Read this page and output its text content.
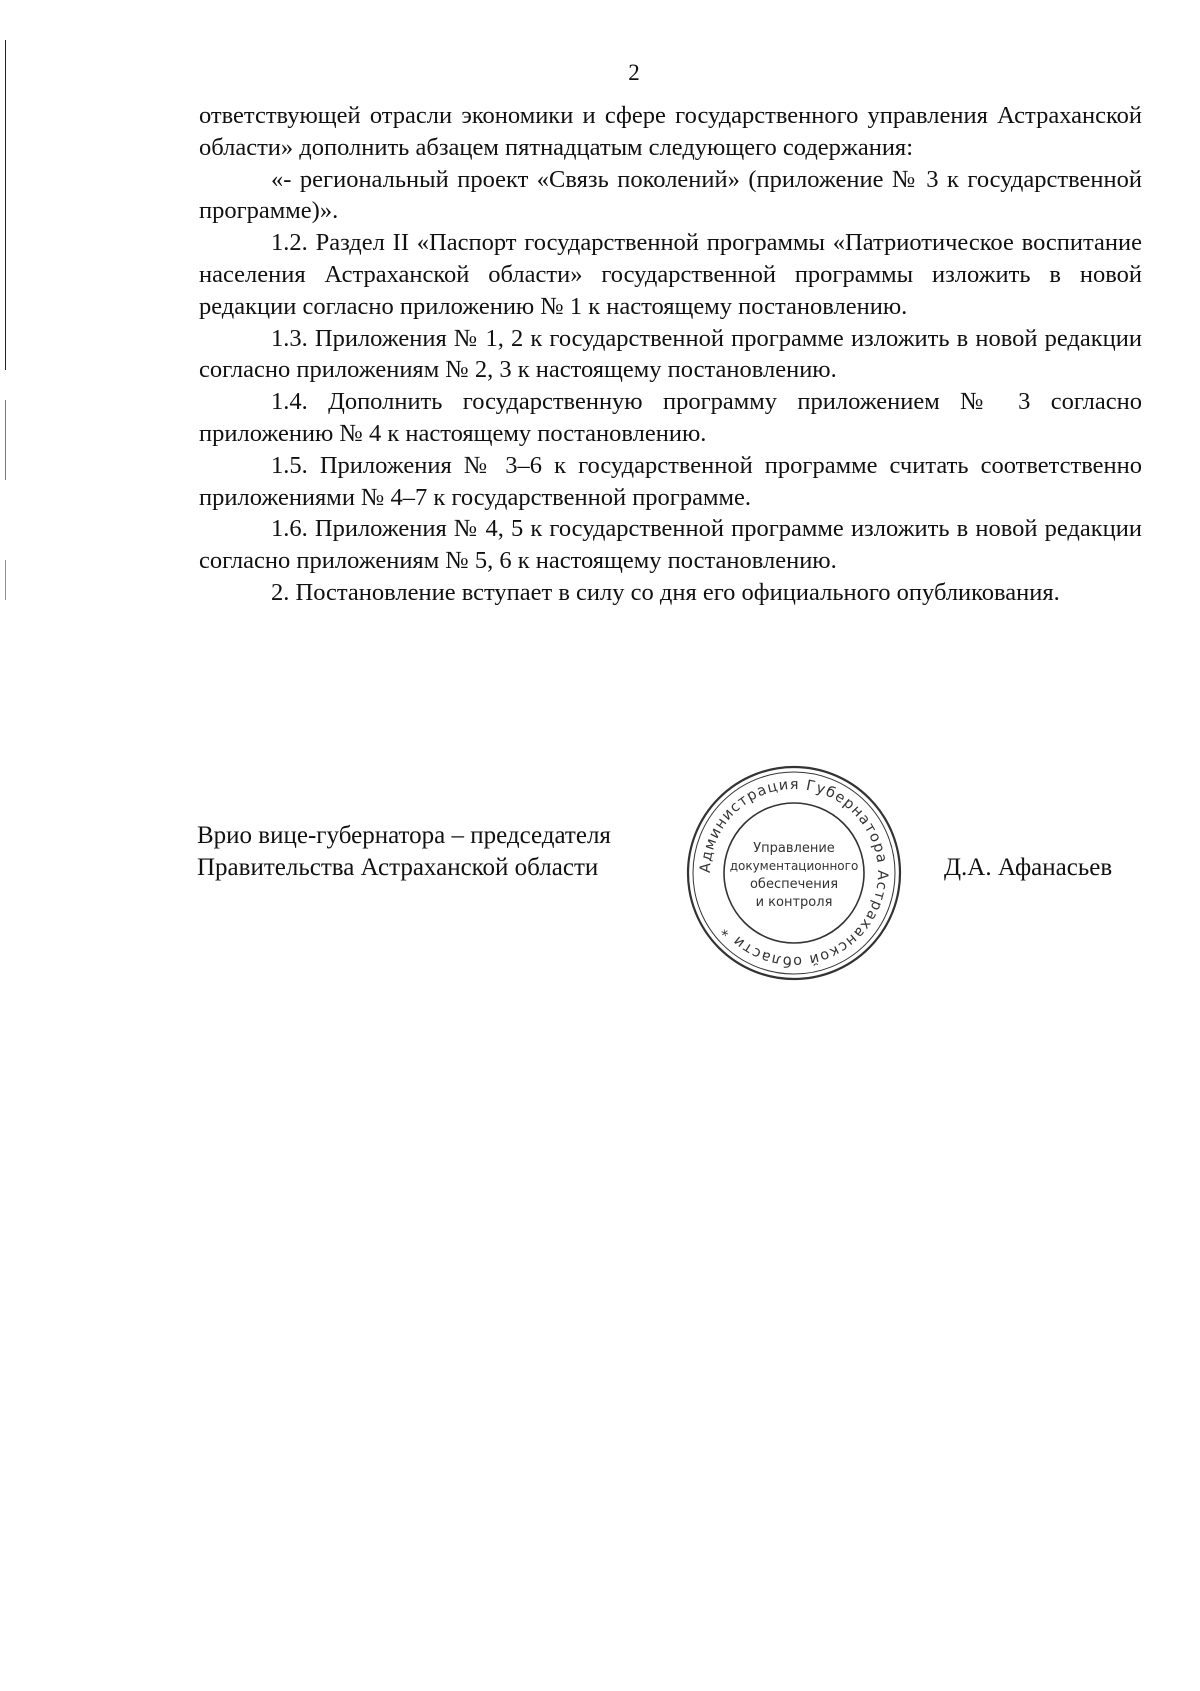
2

ответствующей отрасли экономики и сфере государственного управления Астраханской области» дополнить абзацем пятнадцатым следующего содержания:

«- региональный проект «Связь поколений» (приложение № 3 к государственной программе)».

1.2. Раздел II «Паспорт государственной программы «Патриотическое воспитание населения Астраханской области» государственной программы изложить в новой редакции согласно приложению № 1 к настоящему постановлению.

1.3. Приложения № 1, 2 к государственной программе изложить в новой редакции согласно приложениям № 2, 3 к настоящему постановлению.

1.4. Дополнить государственную программу приложением № 3 согласно приложению № 4 к настоящему постановлению.

1.5. Приложения № 3–6 к государственной программе считать соответственно приложениями № 4–7 к государственной программе.

1.6. Приложения № 4, 5 к государственной программе изложить в новой редакции согласно приложениям № 5, 6 к настоящему постановлению.

2. Постановление вступает в силу со дня его официального опубликования.

Врио вице-губернатора – председателя
Правительства Астраханской области	Д.А. Афанасьев
Администрация Губернатора Астраханской области *
Управление
документационного
обеспечения
и контроля
